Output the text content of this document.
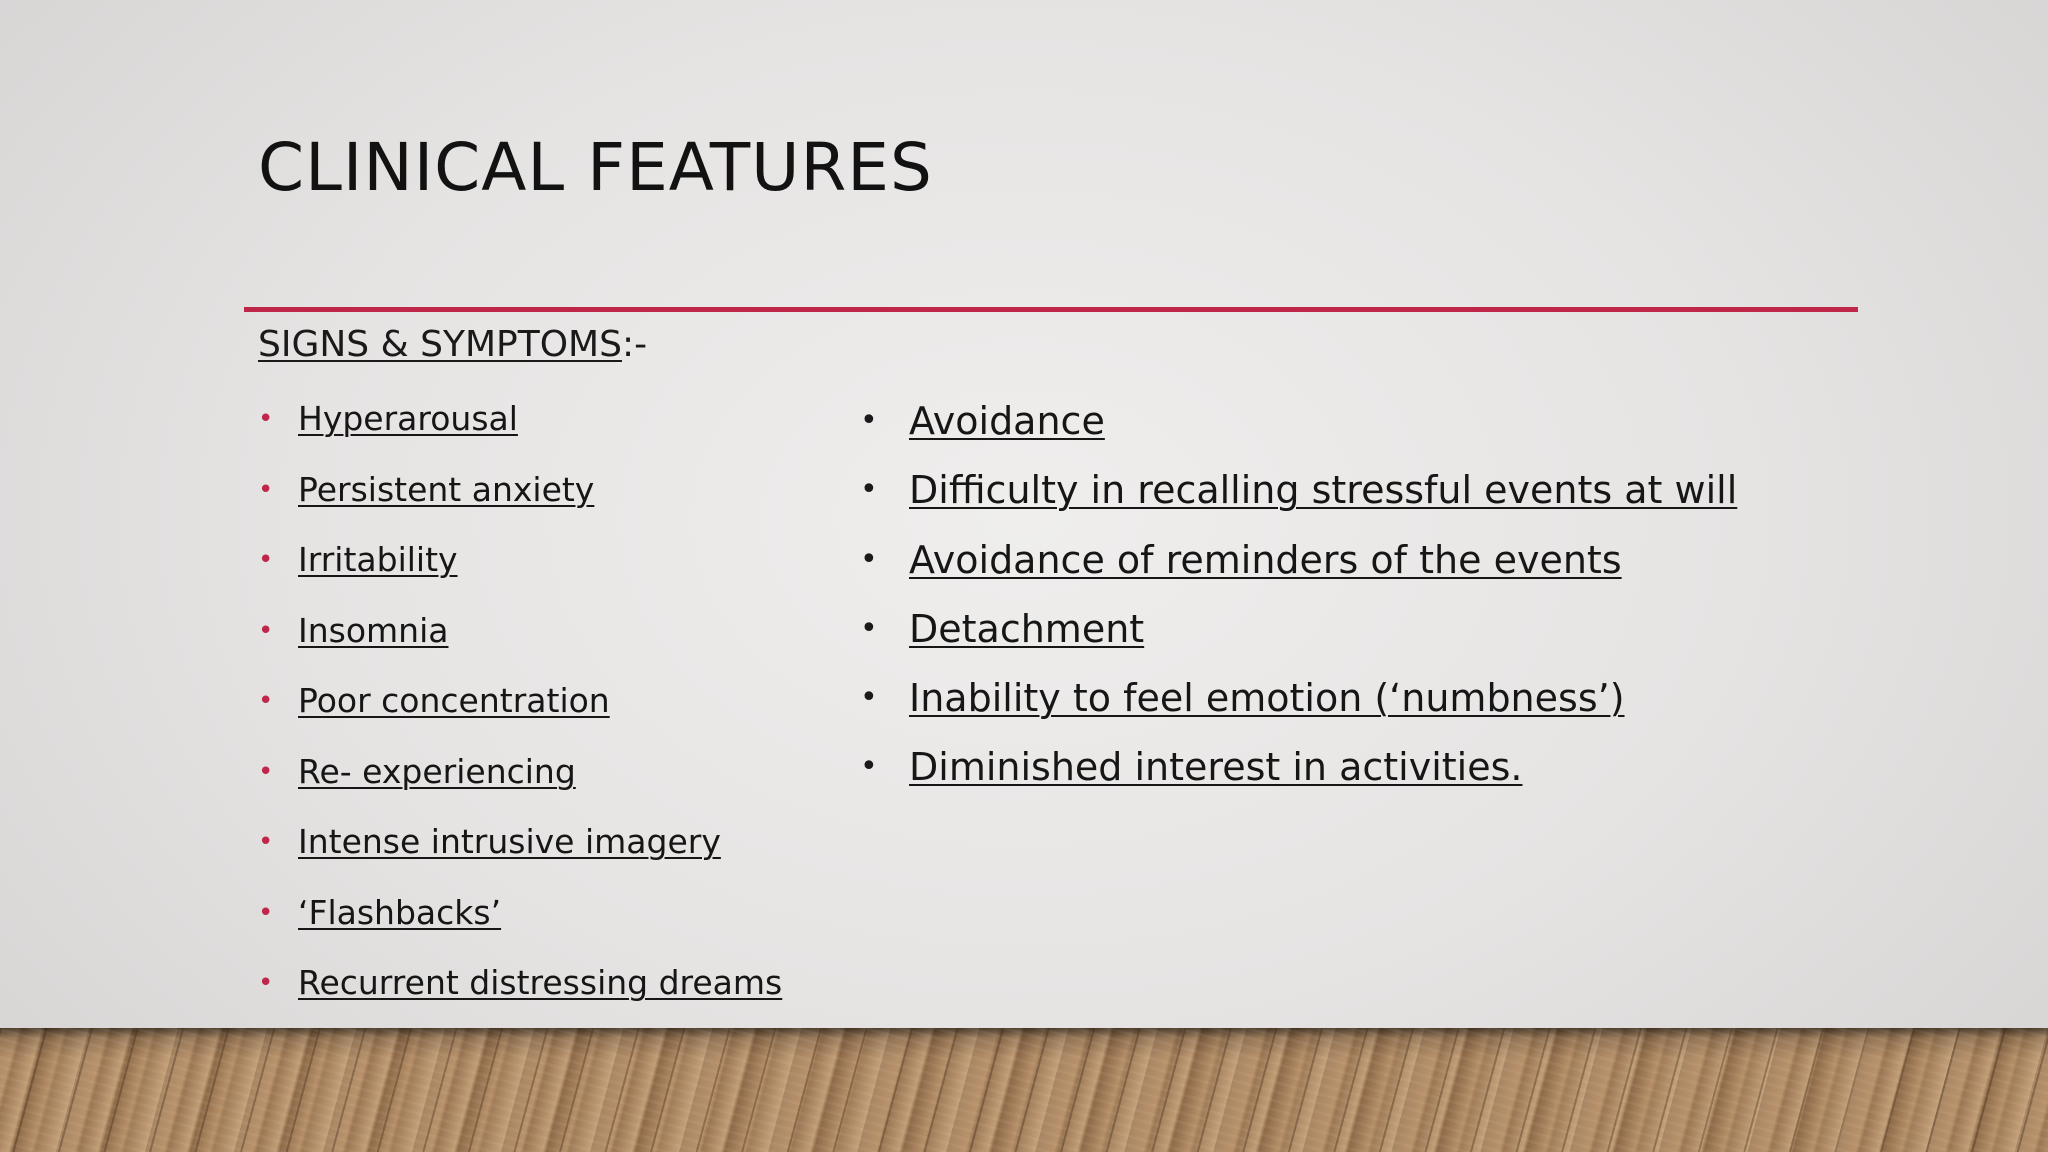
CLINICAL FEATURES
SIGNS & SYMPTOMS:-
• Hyperarousal
• Persistent anxiety
• Irritability
• Insomnia
• Poor concentration
• Re- experiencing
• Intense intrusive imagery
• ‘Flashbacks’
• Recurrent distressing dreams
• Avoidance
• Difficulty in recalling stressful events at will
• Avoidance of reminders of the events
• Detachment
• Inability to feel emotion (‘numbness’)
• Diminished interest in activities.
